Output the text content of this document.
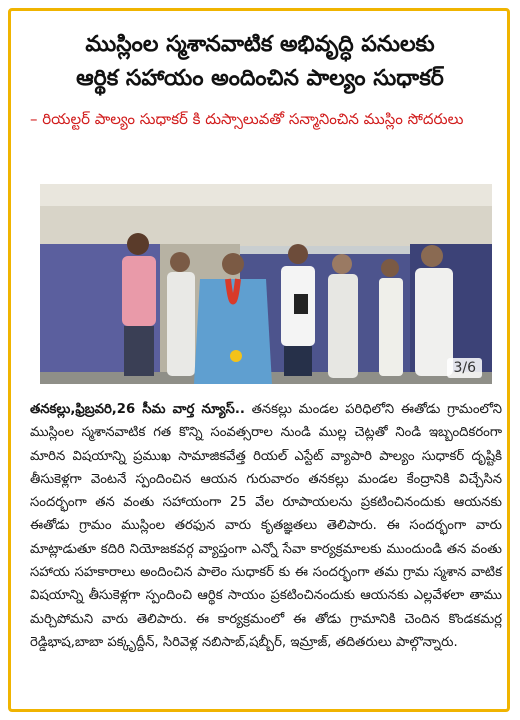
ముస్లింల స్మశానవాటిక అభివృద్ధి పనులకు
ఆర్థిక సహాయం అందించిన పాల్యం సుధాకర్
– రియల్టర్ పాల్యం సుధాకర్ కి దుస్సాలువతో సన్మానించిన ముస్లిం సోదరులు
3/6
తనకల్లు,ఫ్రిబ్రవరి,26 సీమ వార్త న్యూస్.. తనకల్లు మండల పరిధిలోని ఈతోడు గ్రామంలోని ముస్లింల స్మశానవాటిక గత కొన్ని సంవత్సరాల నుండి ముల్ల చెట్లతో నిండి ఇబ్బందికరంగా మారిన విషయాన్ని ప్రముఖ సామాజికవేత్త రియల్ ఎస్టేట్ వ్యాపారి పాల్యం సుధాకర్ దృష్టికి తీసుకెళ్లగా వెంటనే స్పందించిన ఆయన గురువారం తనకల్లు మండల కేంద్రానికి విచ్చేసిన సందర్భంగా తన వంతు సహాయంగా 25 వేల రూపాయలను ప్రకటించినందుకు ఆయనకు ఈతోడు గ్రామం ముస్లింల తరఫున వారు కృతజ్ఞతలు తెలిపారు. ఈ సందర్భంగా వారు మాట్లాడుతూ కదిరి నియోజకవర్గ వ్యాప్తంగా ఎన్నో సేవా కార్యక్రమాలకు ముందుండి తన వంతు సహాయ సహకారాలు అందించిన పాలెం సుధాకర్ కు ఈ సందర్భంగా తమ గ్రామ స్మశాన వాటిక విషయాన్ని తీసుకెళ్లగా స్పందించి ఆర్థిక సాయం ప్రకటించినందుకు ఆయనకు ఎల్లవేళలా తాము మర్చిపోమని వారు తెలిపారు. ఈ కార్యక్రమంలో ఈ తోడు గ్రామానికి చెందిన కొండకమర్ల రెడ్డిభాష,బాబా పక్కృద్దీన్, సిరివెళ్ల నబిసాబ్,షబ్బీర్, ఇమ్రాజ్, తదితరులు పాల్గొన్నారు.
